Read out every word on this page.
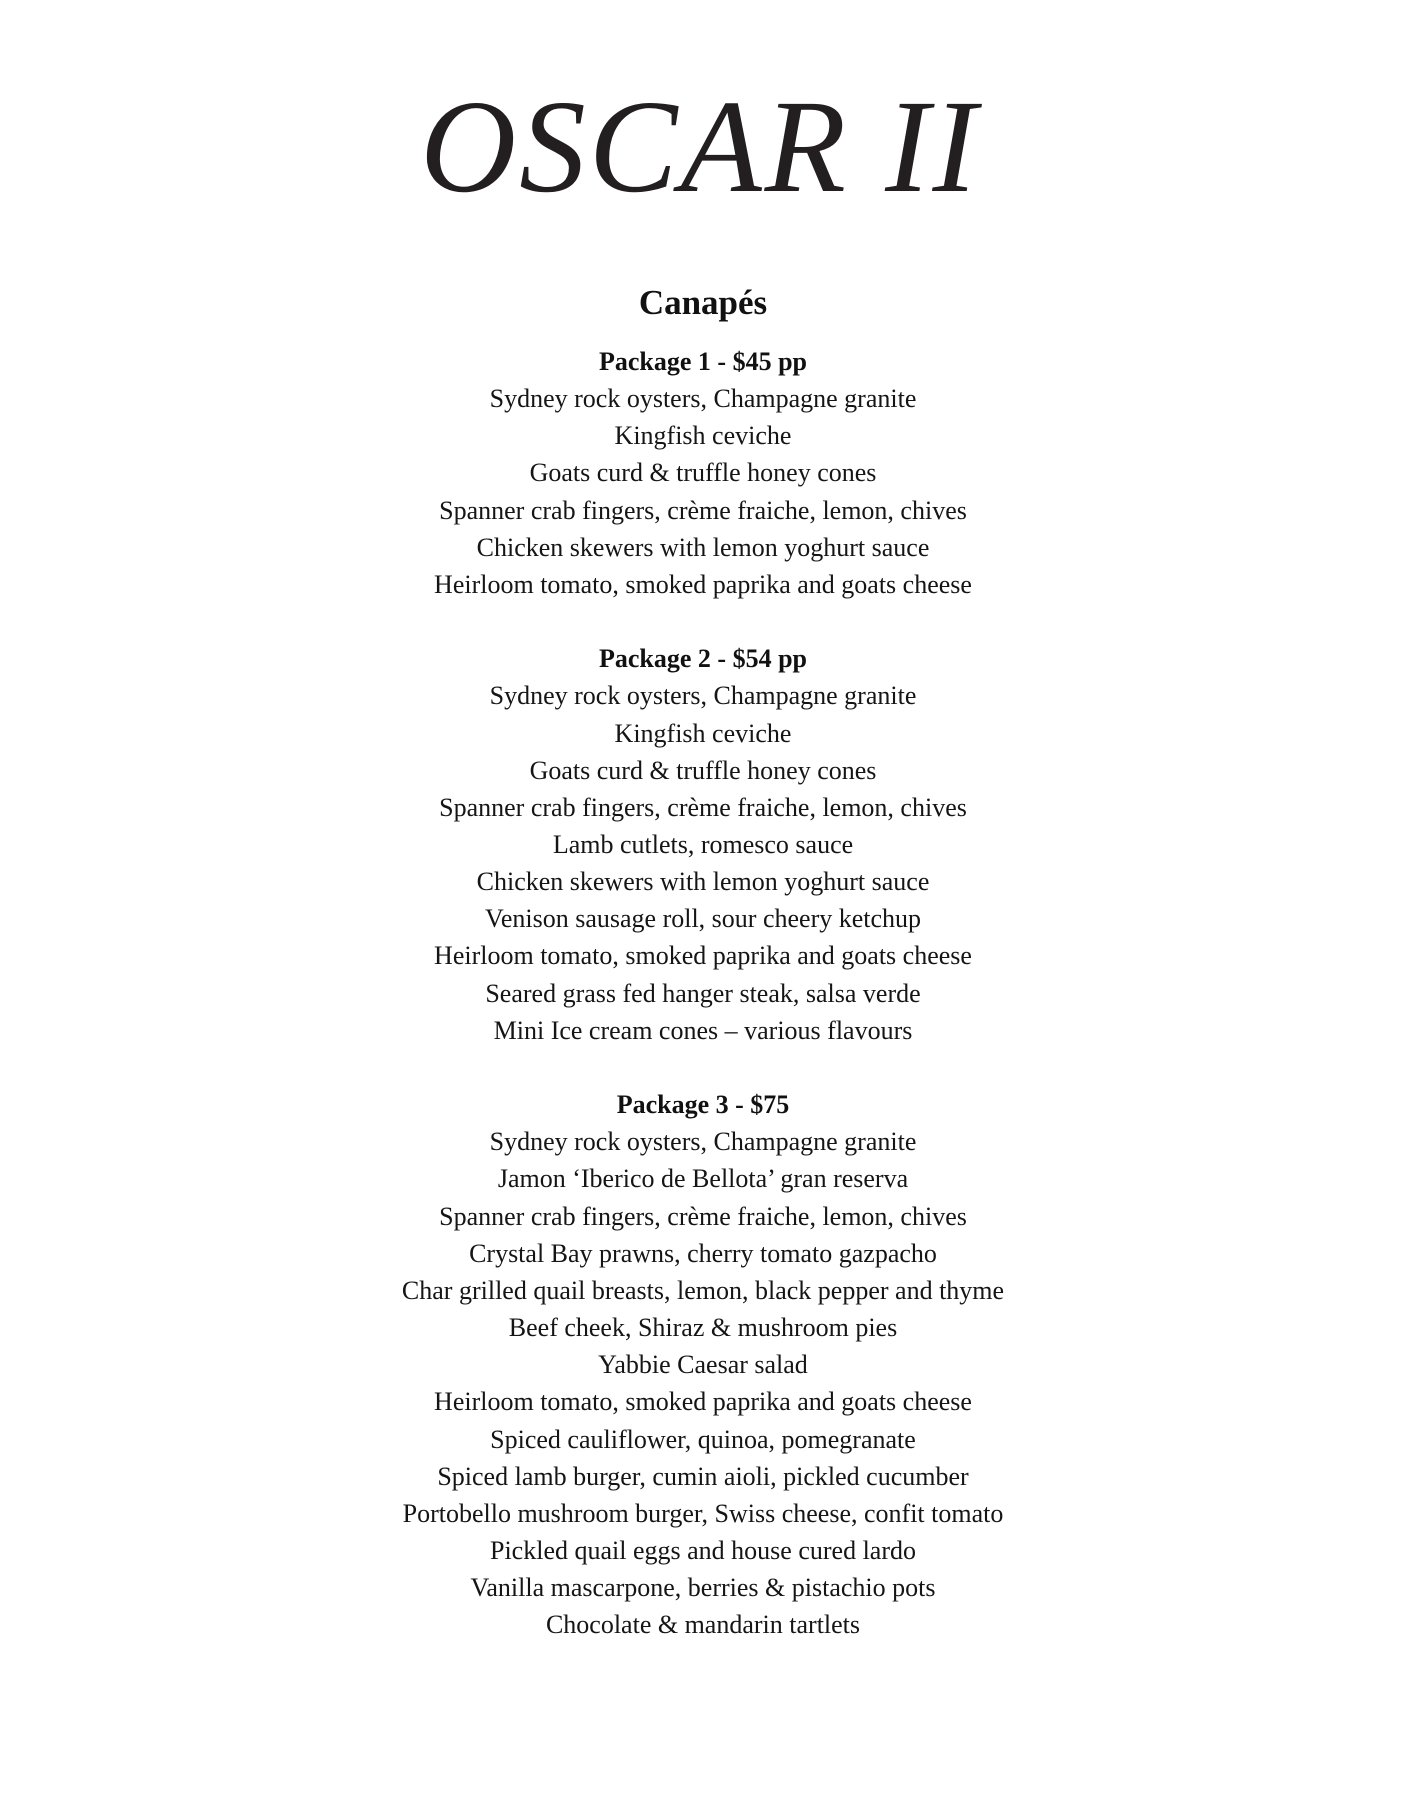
OSCAR II
Canapés
Package 1 - $45 pp
Sydney rock oysters, Champagne granite
Kingfish ceviche
Goats curd & truffle honey cones
Spanner crab fingers, crème fraiche, lemon, chives
Chicken skewers with lemon yoghurt sauce
Heirloom tomato, smoked paprika and goats cheese
Package 2 - $54 pp
Sydney rock oysters, Champagne granite
Kingfish ceviche
Goats curd & truffle honey cones
Spanner crab fingers, crème fraiche, lemon, chives
Lamb cutlets, romesco sauce
Chicken skewers with lemon yoghurt sauce
Venison sausage roll, sour cheery ketchup
Heirloom tomato, smoked paprika and goats cheese
Seared grass fed hanger steak, salsa verde
Mini Ice cream cones – various flavours
Package 3 - $75
Sydney rock oysters, Champagne granite
Jamon ‘Iberico de Bellota’ gran reserva
Spanner crab fingers, crème fraiche, lemon, chives
Crystal Bay prawns, cherry tomato gazpacho
Char grilled quail breasts, lemon, black pepper and thyme
Beef cheek, Shiraz & mushroom pies
Yabbie Caesar salad
Heirloom tomato, smoked paprika and goats cheese
Spiced cauliflower, quinoa, pomegranate
Spiced lamb burger, cumin aioli, pickled cucumber
Portobello mushroom burger, Swiss cheese, confit tomato
Pickled quail eggs and house cured lardo
Vanilla mascarpone, berries & pistachio pots
Chocolate & mandarin tartlets
